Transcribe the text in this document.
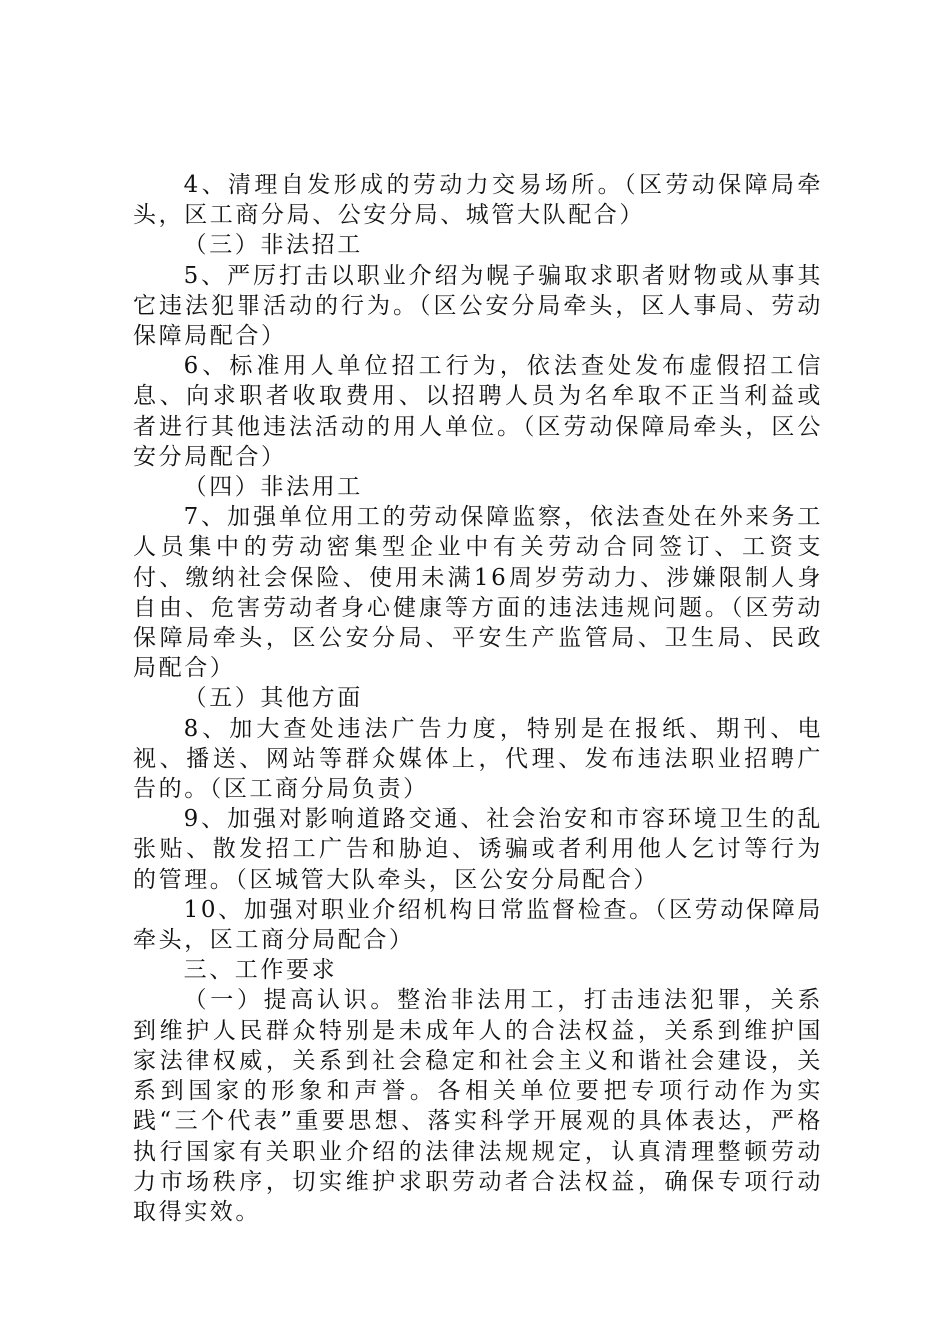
4、清理自发形成的劳动力交易场所。（区劳动保障局牵头，区工商分局、公安分局、城管大队配合）

（三）非法招工

5、严厉打击以职业介绍为幌子骗取求职者财物或从事其它违法犯罪活动的行为。（区公安分局牵头，区人事局、劳动保障局配合）

6、标准用人单位招工行为，依法查处发布虚假招工信息、向求职者收取费用、以招聘人员为名牟取不正当利益或者进行其他违法活动的用人单位。（区劳动保障局牵头，区公安分局配合）

（四）非法用工

7、加强单位用工的劳动保障监察，依法查处在外来务工人员集中的劳动密集型企业中有关劳动合同签订、工资支付、缴纳社会保险、使用未满16周岁劳动力、涉嫌限制人身自由、危害劳动者身心健康等方面的违法违规问题。（区劳动保障局牵头，区公安分局、平安生产监管局、卫生局、民政局配合）

（五）其他方面

8、加大查处违法广告力度，特别是在报纸、期刊、电视、播送、网站等群众媒体上，代理、发布违法职业招聘广告的。（区工商分局负责）

9、加强对影响道路交通、社会治安和市容环境卫生的乱张贴、散发招工广告和胁迫、诱骗或者利用他人乞讨等行为的管理。（区城管大队牵头，区公安分局配合）

10、加强对职业介绍机构日常监督检查。（区劳动保障局牵头，区工商分局配合）

三、工作要求

（一）提高认识。整治非法用工，打击违法犯罪，关系到维护人民群众特别是未成年人的合法权益，关系到维护国家法律权威，关系到社会稳定和社会主义和谐社会建设，关系到国家的形象和声誉。各相关单位要把专项行动作为实践“三个代表”重要思想、落实科学开展观的具体表达，严格执行国家有关职业介绍的法律法规规定，认真清理整顿劳动力市场秩序，切实维护求职劳动者合法权益，确保专项行动取得实效。
